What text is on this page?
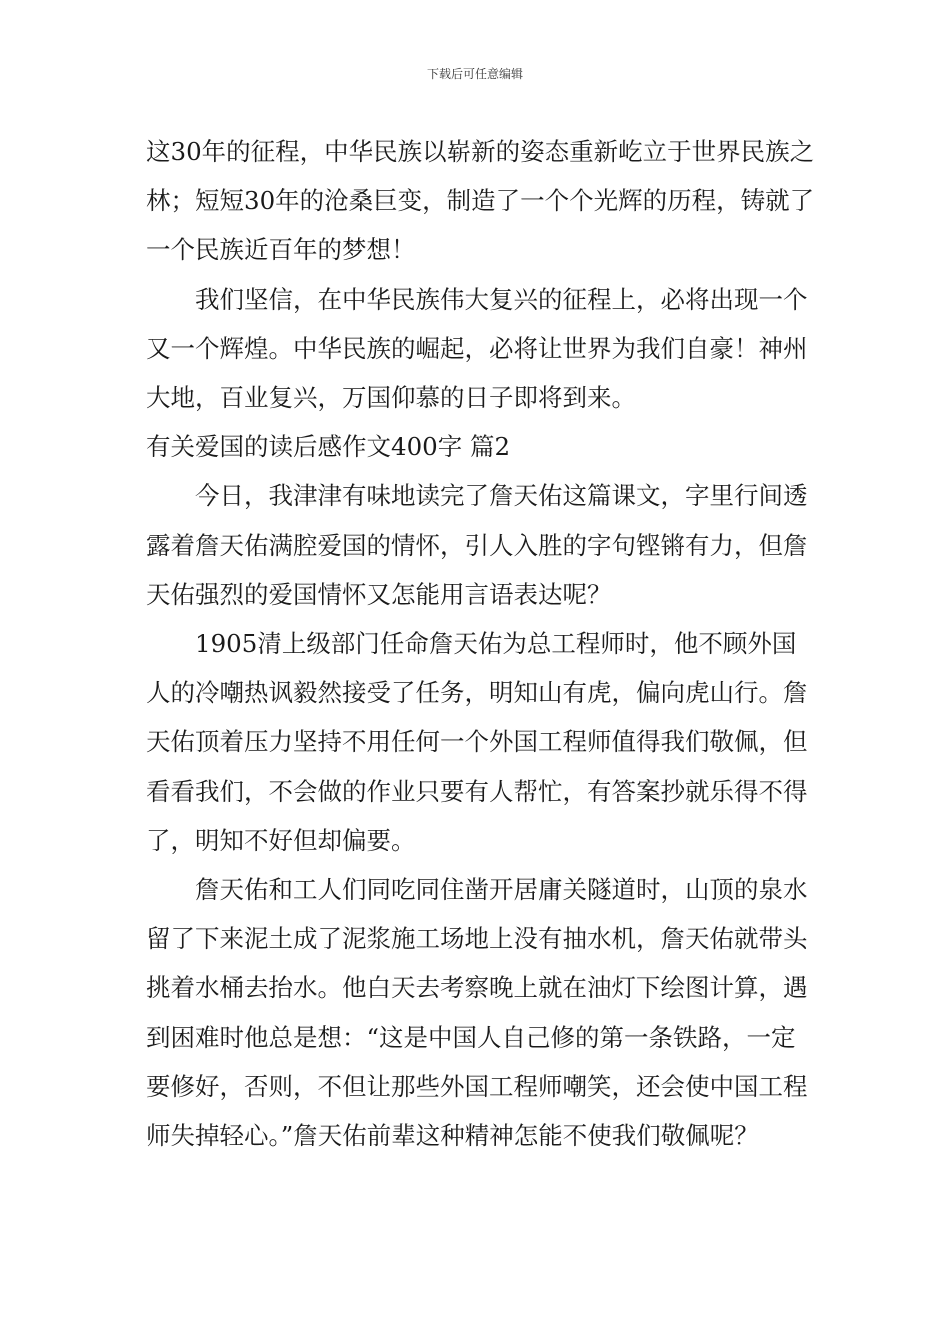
下载后可任意编辑

这30年的征程，中华民族以崭新的姿态重新屹立于世界民族之林；短短30年的沧桑巨变，制造了一个个光辉的历程，铸就了一个民族近百年的梦想！

我们坚信，在中华民族伟大复兴的征程上，必将出现一个又一个辉煌。中华民族的崛起，必将让世界为我们自豪！神州大地，百业复兴，万国仰慕的日子即将到来。

有关爱国的读后感作文400字 篇2

今日，我津津有味地读完了詹天佑这篇课文，字里行间透露着詹天佑满腔爱国的情怀，引人入胜的字句铿锵有力，但詹天佑强烈的爱国情怀又怎能用言语表达呢？

1905清上级部门任命詹天佑为总工程师时，他不顾外国人的冷嘲热讽毅然接受了任务，明知山有虎，偏向虎山行。詹天佑顶着压力坚持不用任何一个外国工程师值得我们敬佩，但看看我们，不会做的作业只要有人帮忙，有答案抄就乐得不得了，明知不好但却偏要。

詹天佑和工人们同吃同住凿开居庸关隧道时，山顶的泉水留了下来泥土成了泥浆施工场地上没有抽水机，詹天佑就带头挑着水桶去抬水。他白天去考察晚上就在油灯下绘图计算，遇到困难时他总是想：“这是中国人自己修的第一条铁路，一定要修好，否则，不但让那些外国工程师嘲笑，还会使中国工程师失掉轻心。”詹天佑前辈这种精神怎能不使我们敬佩呢？
